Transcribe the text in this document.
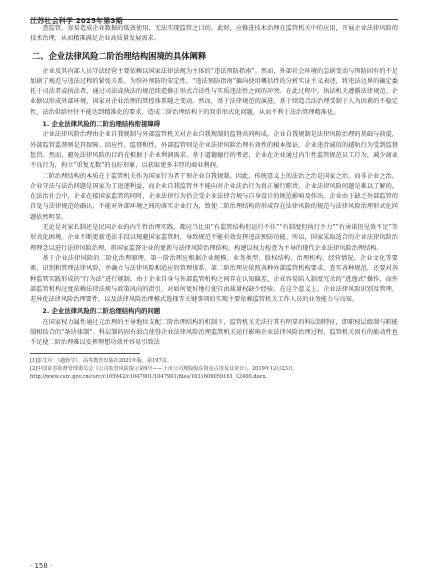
江苏社会科学 2025年第3期

查监管，容易造成企业数据的低效使用，无法实现监管之目的。此时，应推进技术治理在监管机关中的应用，开展企业法律风险的技术治理，从而精准满足企业高质量发展需求。

二、企业法律风险二阶治理结构困境的具体阐释

企业及其内部人员守法经营主要依赖以国家法律法规为主体的“违法预防指南”。然而，外部社会环境的急剧变动与预防固有的不足加剧了规范与违法过程的紧张关系。为弥补预防的安定性，“违法预防指南”偏向使用概括性的分析实证主义表述，将违法边界的确定委托于司法者或执法者，通过司法或执法的规范续造修正形式合法性与实质违法性之间的冲突。在此过程中，执法机关遵循法律规范、企业据以形成外部环境，国家对企业治理的管控体系随之变动。然而，基于法律规范的演进，基于续造合法治理受制于人为因素的不稳定性，法治供给往往不能达到精准化的要求，造成二阶治理结构下的双重形式化问题，从而不利于法治管理精准化。

1. 企业法律风险的二阶治理结构衔接障碍

企业法律风险治理由企业自我规制与外部监管机关对企业自我规制的监督共同构成。企业自我规制是法律风险治理的基础与前提，外部监管监督则是其保障。回应性、监督和性，外部监管则是企业法律风险治理有效性的根本保证。企业违背诚信的越轨行为受到监督惩罚。然而，避免法律风险的目的在根据于企业利润需求，基于道德德行的考虑，企业在企业通过内生性监管规范员工行为，减少商业不良行为，拘立“重复无数”的良好形象，以获取更多丰厚的商业利润。

二阶治理结构的本质在于监管机关作为国家行为者干预企业自我规制。因此，传统意义上的法治之治是国家之治，而非企业之治。企业守法与法治问题是国家为了追逐利益，而企业自我监管并不能向对企业法治行为真正履行职责，企业法律风险问题是难以了解的。在法治社会中，企业在接国家监管的同时，企业法律行为仍会受企业法律合规与自身设计的规范影响及作出。企业由于缺乏外部监管的自觉与法律规范的确认，不能对外部环境之间的落实企业行为，致使二阶治理结构的形成存在法律风险的规范与法律风险治理形式化问题依然明显。

无论是对家长制还是民国企业的内生性治理实践，都应当比用“有监管结构但运行不佳”“有制度但执行不力”“有承诺但见效不足”等形式化困境。企业不断更新违法手段以规避国家监管时，导致规范不能有效发挥违法预防功能。所以，国家采取适合的企业法律风险治理理念以进行法律风险治理，将国家监督企业的更新与法律风险治理结构，构建以权力检查为主导的现代企业法律风险治理结构。

基于企业法律风险的二阶化治理原理，第一阶治理应根据企业规模、业务类型、股权结构、治理机构、经营情况、企业文化等要素，识别和管理法律风险，并确立与法律风险相适应的管理体系。第二阶治理应依照各种外部监管机构要求，查实各种规范，还要对各种监管实践形成的“行为法”进行规制。由于企业自身与外部监管机构之间存在认知偏差，企业容易陷入制度冗余的“逃逸式”操作，而外部监管机构过度依赖法律法规与政策风向的指引，对如何更好地行使自由裁量权缺少经验。在这个意义上，企业法律风险识别及管理、差异化法律风险治理要件，以及法律风险治理模式选择等关键事项的实现主要依赖监管机关工作人员的业务能力与良知。

2. 企业法律风险的二阶治理结构内的问题

在国家权力属性通过元治理的主导地位支配二阶治理结构的机制下，监管机关无法行其有明显的科层制特征，即职权层级制与职能制相结合的“条块体制”。科层制的固有弱点使得企业法律风险治理监管机关运行影响企业法律风险治理过程，监管机关固有的能动性也不足使二阶治理难以发挥理想功效并容易引致法

[1]彭艾军：《越轨学》，高等教育出版社2021年版，第197页。

[2]中国证券监督管理委员会《公司监管风险提示第9号——上市公司规股股东资金占用及其审计》，2019年12月23日，http://www.csrc.gov.cn/csrc/c105942/c1047901/1047901/files/1631609059161_12400.docx。

· 158 ·
